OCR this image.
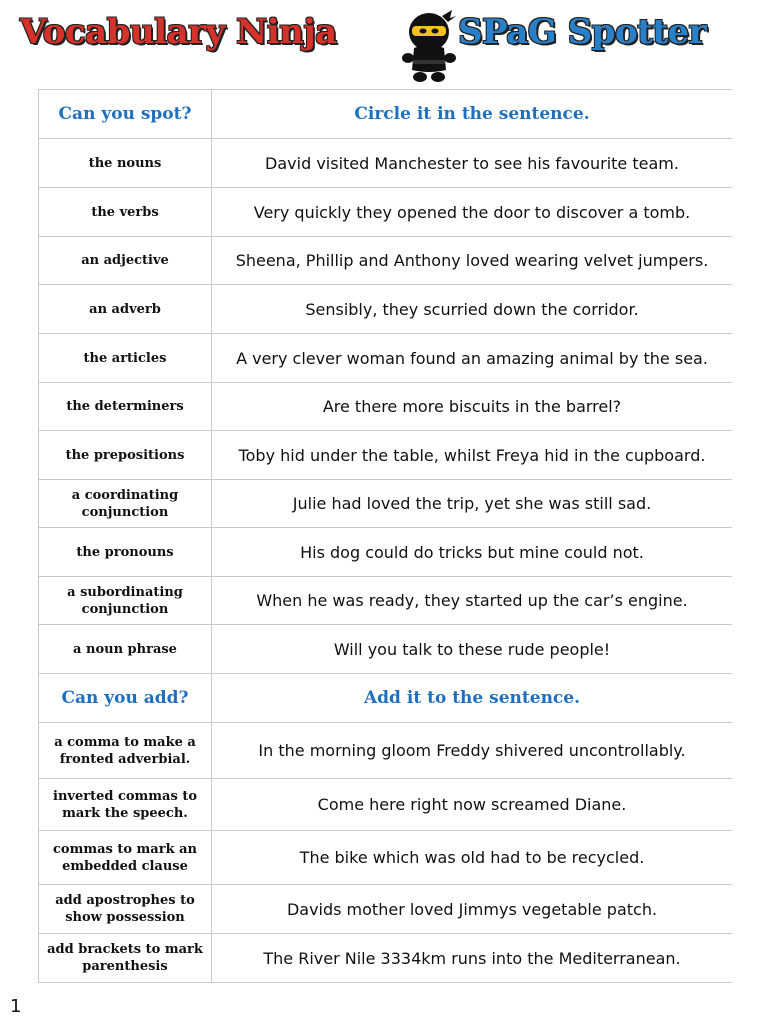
Vocabulary Ninja	SPaG Spotter
Can you spot?	Circle it in the sentence.
the nouns	David visited Manchester to see his favourite team.
the verbs	Very quickly they opened the door to discover a tomb.
an adjective	Sheena, Phillip and Anthony loved wearing velvet jumpers.
an adverb	Sensibly, they scurried down the corridor.
the articles	A very clever woman found an amazing animal by the sea.
the determiners	Are there more biscuits in the barrel?
the prepositions	Toby hid under the table, whilst Freya hid in the cupboard.
a coordinating conjunction	Julie had loved the trip, yet she was still sad.
the pronouns	His dog could do tricks but mine could not.
a subordinating conjunction	When he was ready, they started up the car’s engine.
a noun phrase	Will you talk to these rude people!
Can you add?	Add it to the sentence.
a comma to make a fronted adverbial.	In the morning gloom Freddy shivered uncontrollably.
inverted commas to mark the speech.	Come here right now screamed Diane.
commas to mark an embedded clause	The bike which was old had to be recycled.
add apostrophes to show possession	Davids mother loved Jimmys vegetable patch.
add brackets to mark parenthesis	The River Nile 3334km runs into the Mediterranean.
1
